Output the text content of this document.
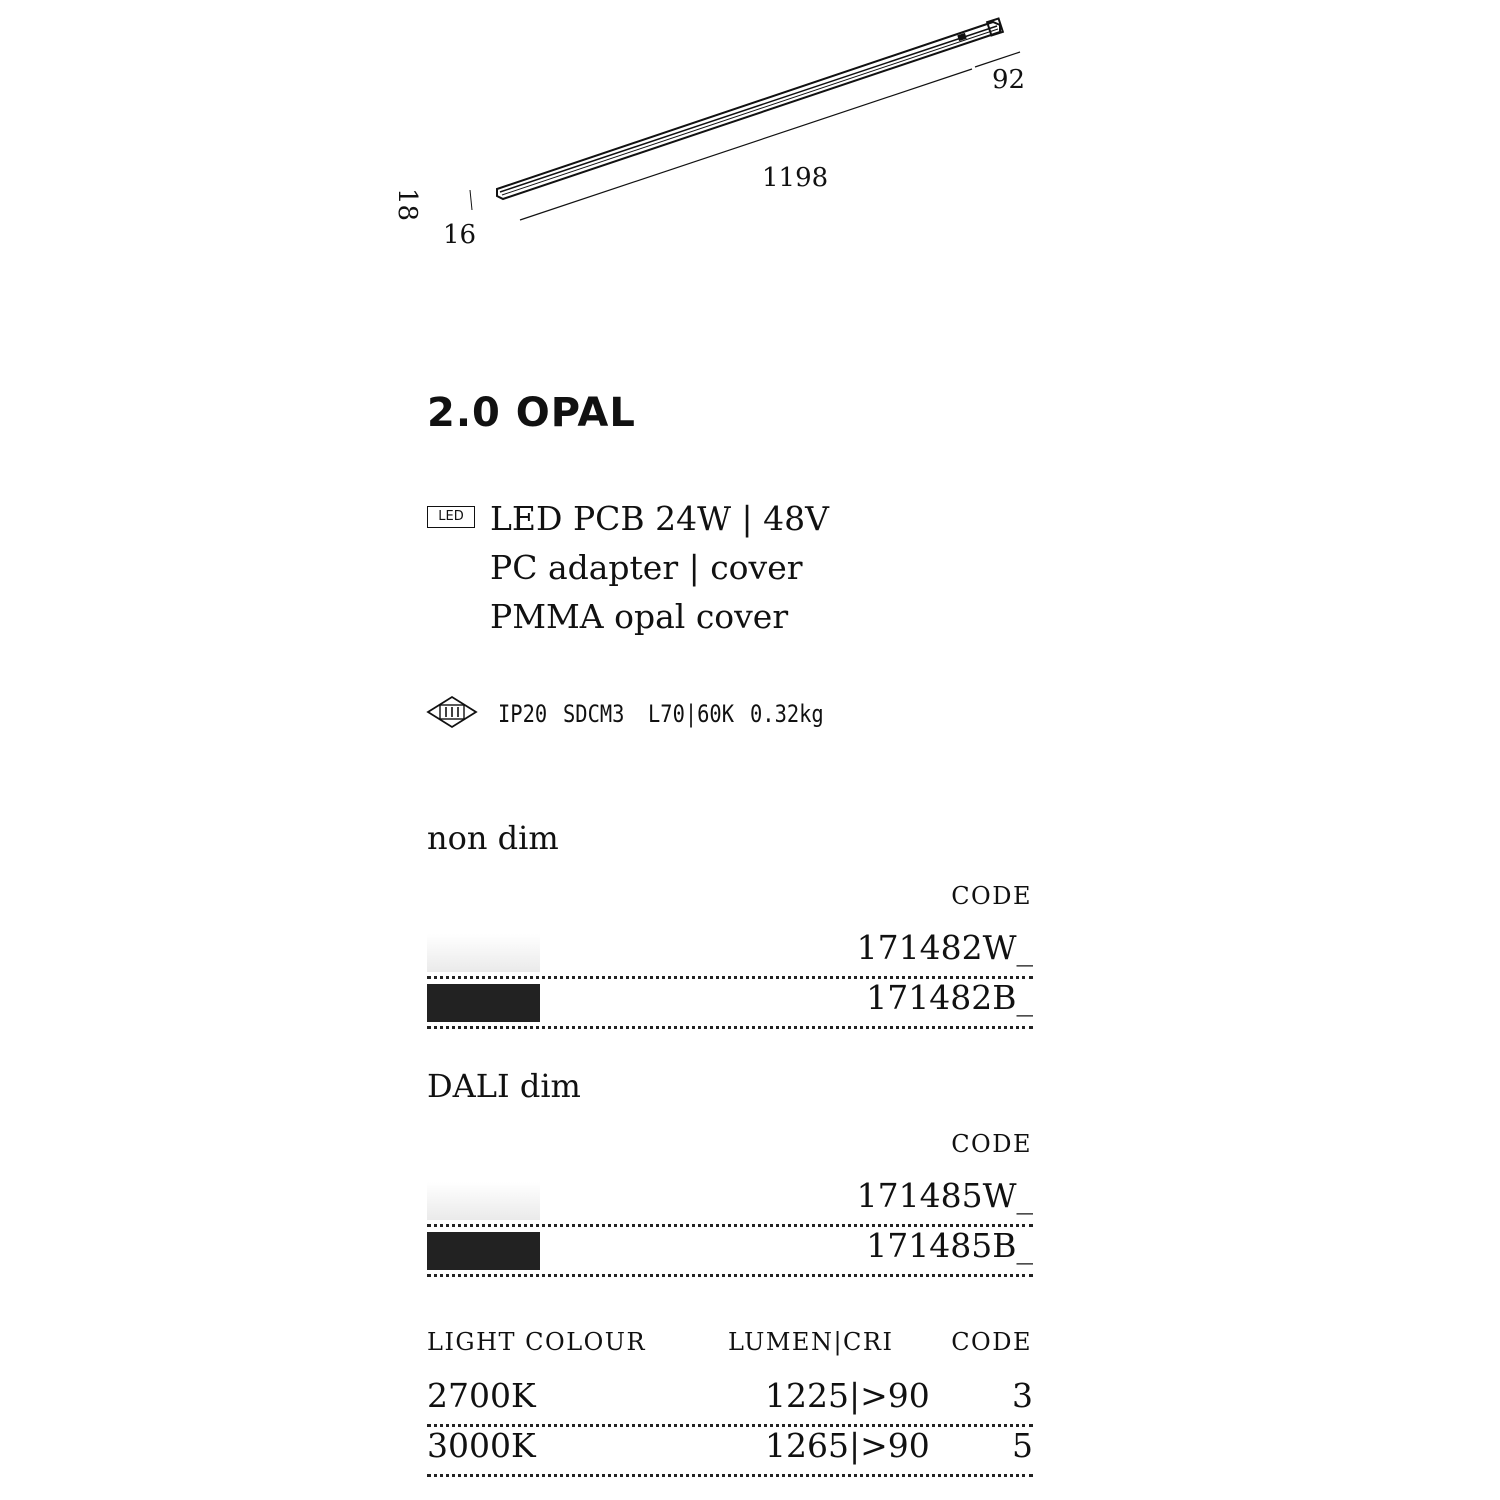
92
1198
18
16
2.0 OPAL
LED LED PCB 24W | 48V
PC adapter | cover
PMMA opal cover
IP20 SDCM3 L70|60K 0.32kg
non dim
CODE
171482W_
171482B_
DALI dim
CODE
171485W_
171485B_
LIGHT COLOUR	LUMEN|CRI	CODE
2700K	1225|>90 3
3000K	1265|>90 5
